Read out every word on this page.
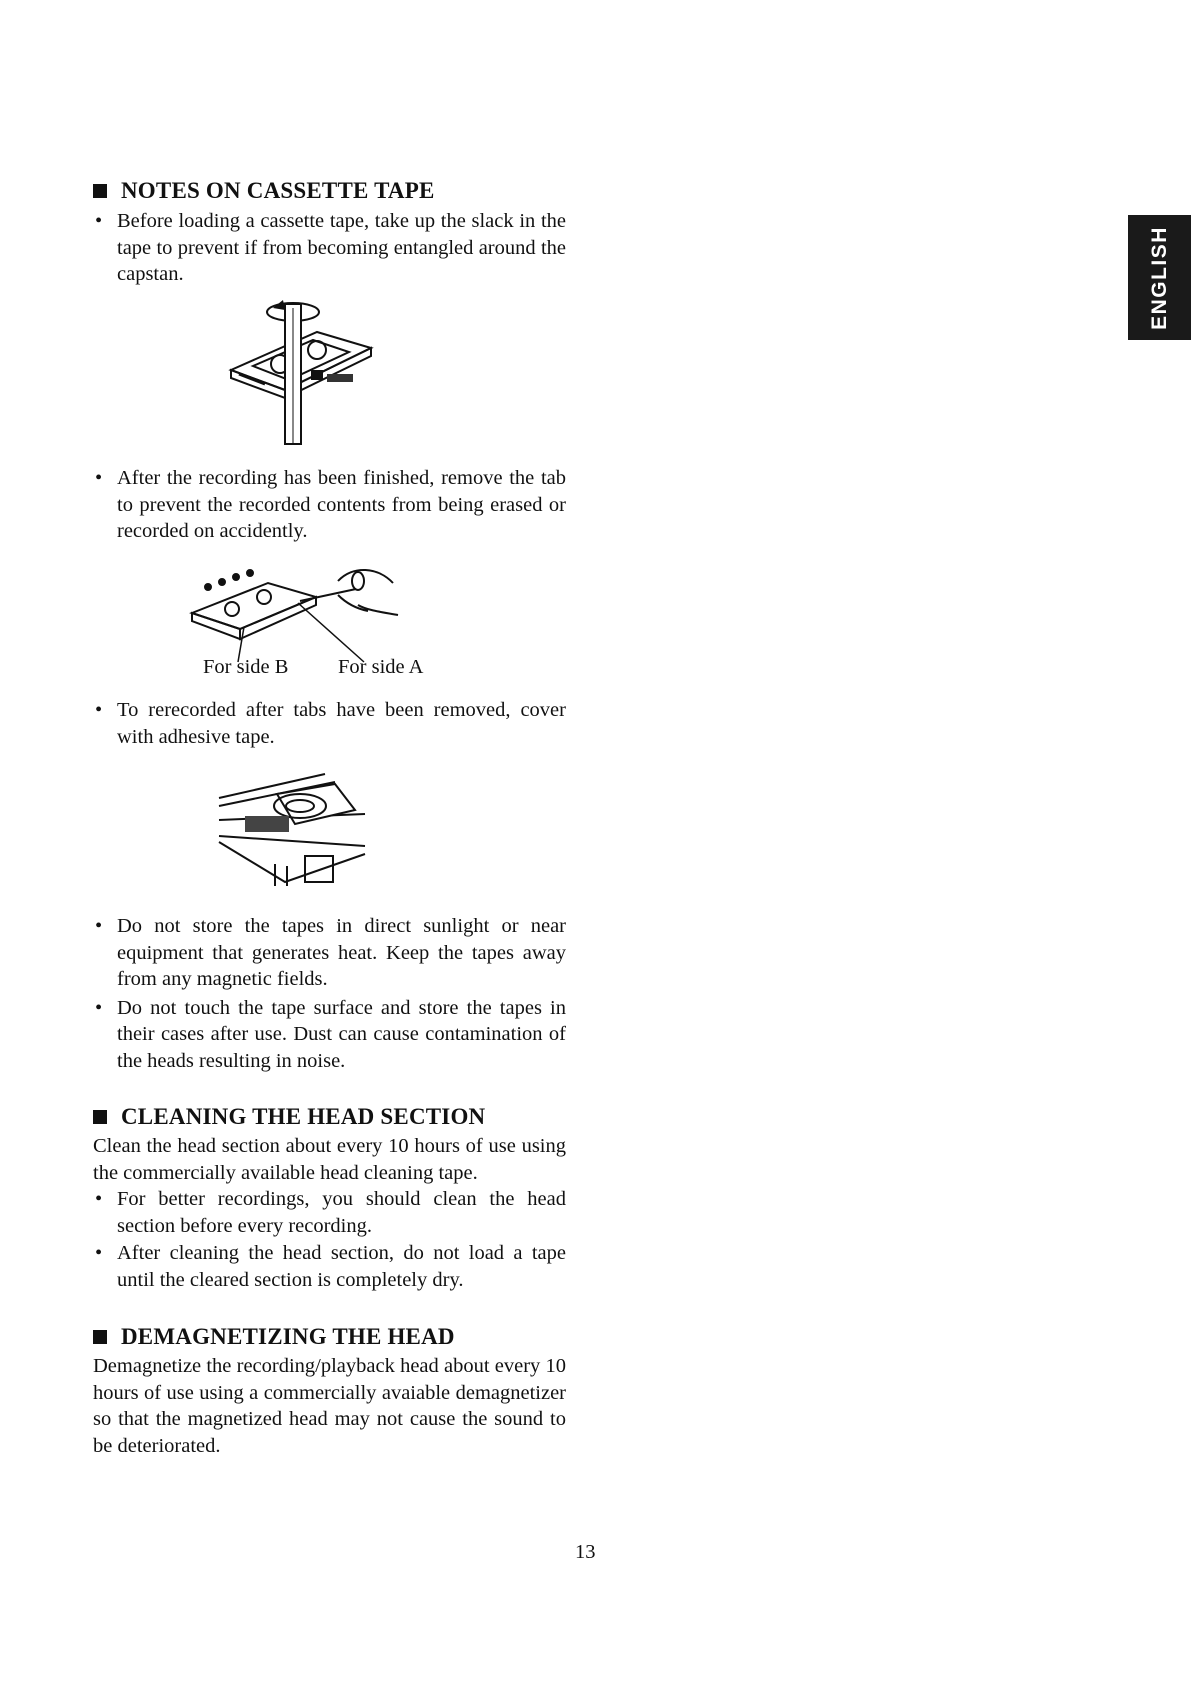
ENGLISH
NOTES ON CASSETTE TAPE
• Before loading a cassette tape, take up the slack in the tape to prevent if from becoming entangled around the capstan.
• After the recording has been finished, remove the tab to prevent the recorded contents from being erased or recorded on accidently.
For side B For side A
• To rerecorded after tabs have been removed, cover with adhesive tape.
• Do not store the tapes in direct sunlight or near equipment that generates heat. Keep the tapes away from any magnetic fields.
• Do not touch the tape surface and store the tapes in their cases after use. Dust can cause contamination of the heads resulting in noise.
CLEANING THE HEAD SECTION

Clean the head section about every 10 hours of use using the commercially available head cleaning tape.

• For better recordings, you should clean the head section before every recording.
• After cleaning the head section, do not load a tape until the cleared section is completely dry.
DEMAGNETIZING THE HEAD

Demagnetize the recording/playback head about every 10 hours of use using a commercially avaiable demagnetizer so that the magnetized head may not cause the sound to be deteriorated.

13
